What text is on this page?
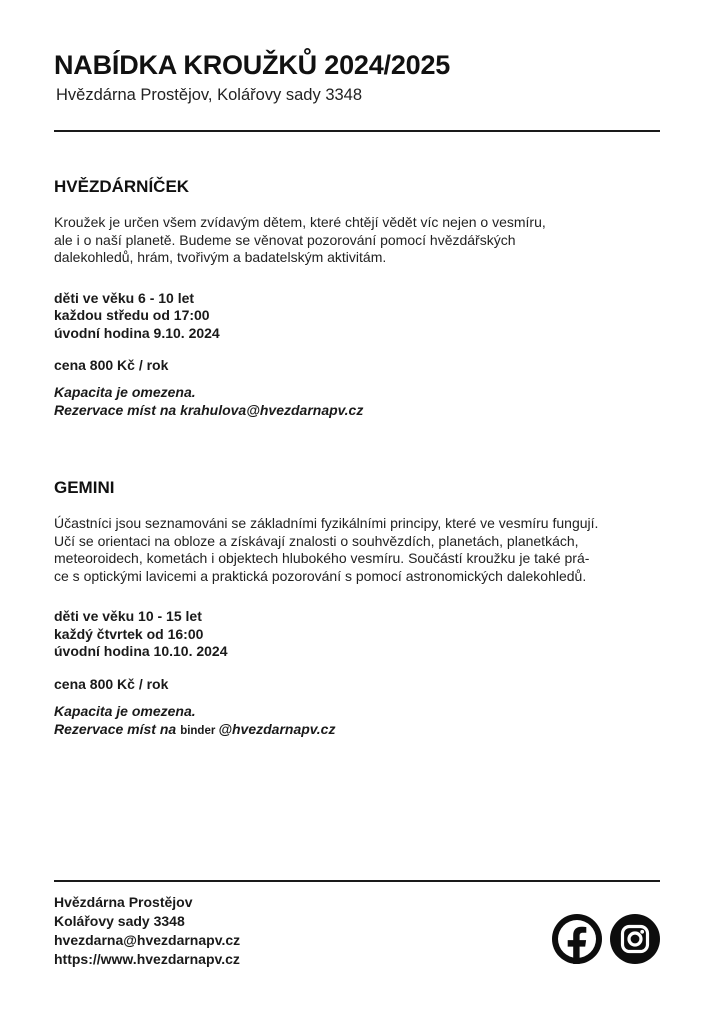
NABÍDKA KROUŽKŮ 2024/2025
Hvězdárna Prostějov, Kolářovy sady 3348
HVĚZDÁRNÍČEK
Kroužek je určen všem zvídavým dětem, které chtějí vědět víc nejen o vesmíru,
ale i o naší planetě. Budeme se věnovat pozorování pomocí hvězdářských
dalekohledů, hrám, tvořivým a badatelským aktivitám.
děti ve věku 6 - 10 let
každou středu od 17:00
úvodní hodina 9.10. 2024
cena 800 Kč / rok
Kapacita je omezena.
Rezervace míst na krahulova@hvezdarnapv.cz
GEMINI
Účastníci jsou seznamováni se základními fyzikálními principy, které ve vesmíru fungují.
Učí se orientaci na obloze a získávají znalosti o souhvězdích, planetách, planetkách,
meteoroidech, kometách i objektech hlubokého vesmíru. Součástí kroužku je také prá-
ce s optickými lavicemi a praktická pozorování s pomocí astronomických dalekohledů.
děti ve věku 10 - 15 let
každý čtvrtek od 16:00
úvodní hodina 10.10. 2024
cena 800 Kč / rok
Kapacita je omezena.
Rezervace míst na binder @hvezdarnapv.cz
Hvězdárna Prostějov
Kolářovy sady 3348
hvezdarna@hvezdarnapv.cz
https://www.hvezdarnapv.cz
